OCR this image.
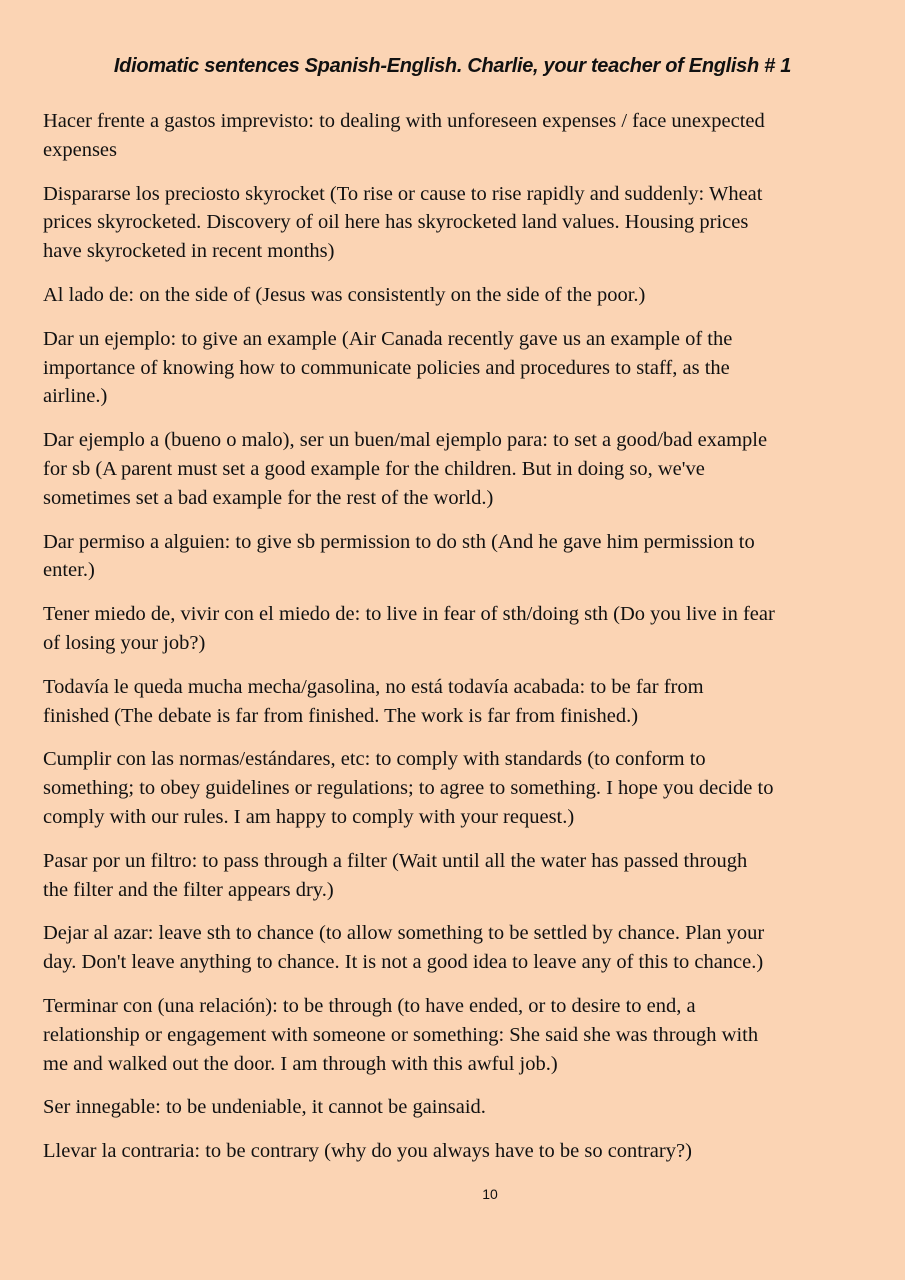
Idiomatic sentences Spanish-English. Charlie, your teacher of English # 1
Hacer frente a gastos imprevisto: to dealing with unforeseen expenses / face unexpected
expenses
Dispararse los preciosto skyrocket (To rise or cause to rise rapidly and suddenly: Wheat
prices skyrocketed. Discovery of oil here has skyrocketed land values. Housing prices
have skyrocketed in recent months)
Al lado de: on the side of (Jesus was consistently on the side of the poor.)
Dar un ejemplo: to give an example (Air Canada recently gave us an example of the
importance of knowing how to communicate policies and procedures to staff, as the
airline.)
Dar ejemplo a (bueno o malo), ser un buen/mal ejemplo para: to set a good/bad example
for sb (A parent must set a good example for the children. But in doing so, we've
sometimes set a bad example for the rest of the world.)
Dar permiso a alguien: to give sb permission to do sth (And he gave him permission to
enter.)
Tener miedo de, vivir con el miedo de: to live in fear of sth/doing sth (Do you live in fear
of losing your job?)
Todavía le queda mucha mecha/gasolina, no está todavía acabada: to be far from
finished (The debate is far from finished. The work is far from finished.)
Cumplir con las normas/estándares, etc: to comply with standards (to conform to
something; to obey guidelines or regulations; to agree to something. I hope you decide to
comply with our rules. I am happy to comply with your request.)
Pasar por un filtro: to pass through a filter (Wait until all the water has passed through
the filter and the filter appears dry.)
Dejar al azar: leave sth to chance (to allow something to be settled by chance. Plan your
day. Don't leave anything to chance. It is not a good idea to leave any of this to chance.)
Terminar con (una relación): to be through (to have ended, or to desire to end, a
relationship or engagement with someone or something: She said she was through with
me and walked out the door. I am through with this awful job.)
Ser innegable: to be undeniable, it cannot be gainsaid.
Llevar la contraria: to be contrary (why do you always have to be so contrary?)
10
